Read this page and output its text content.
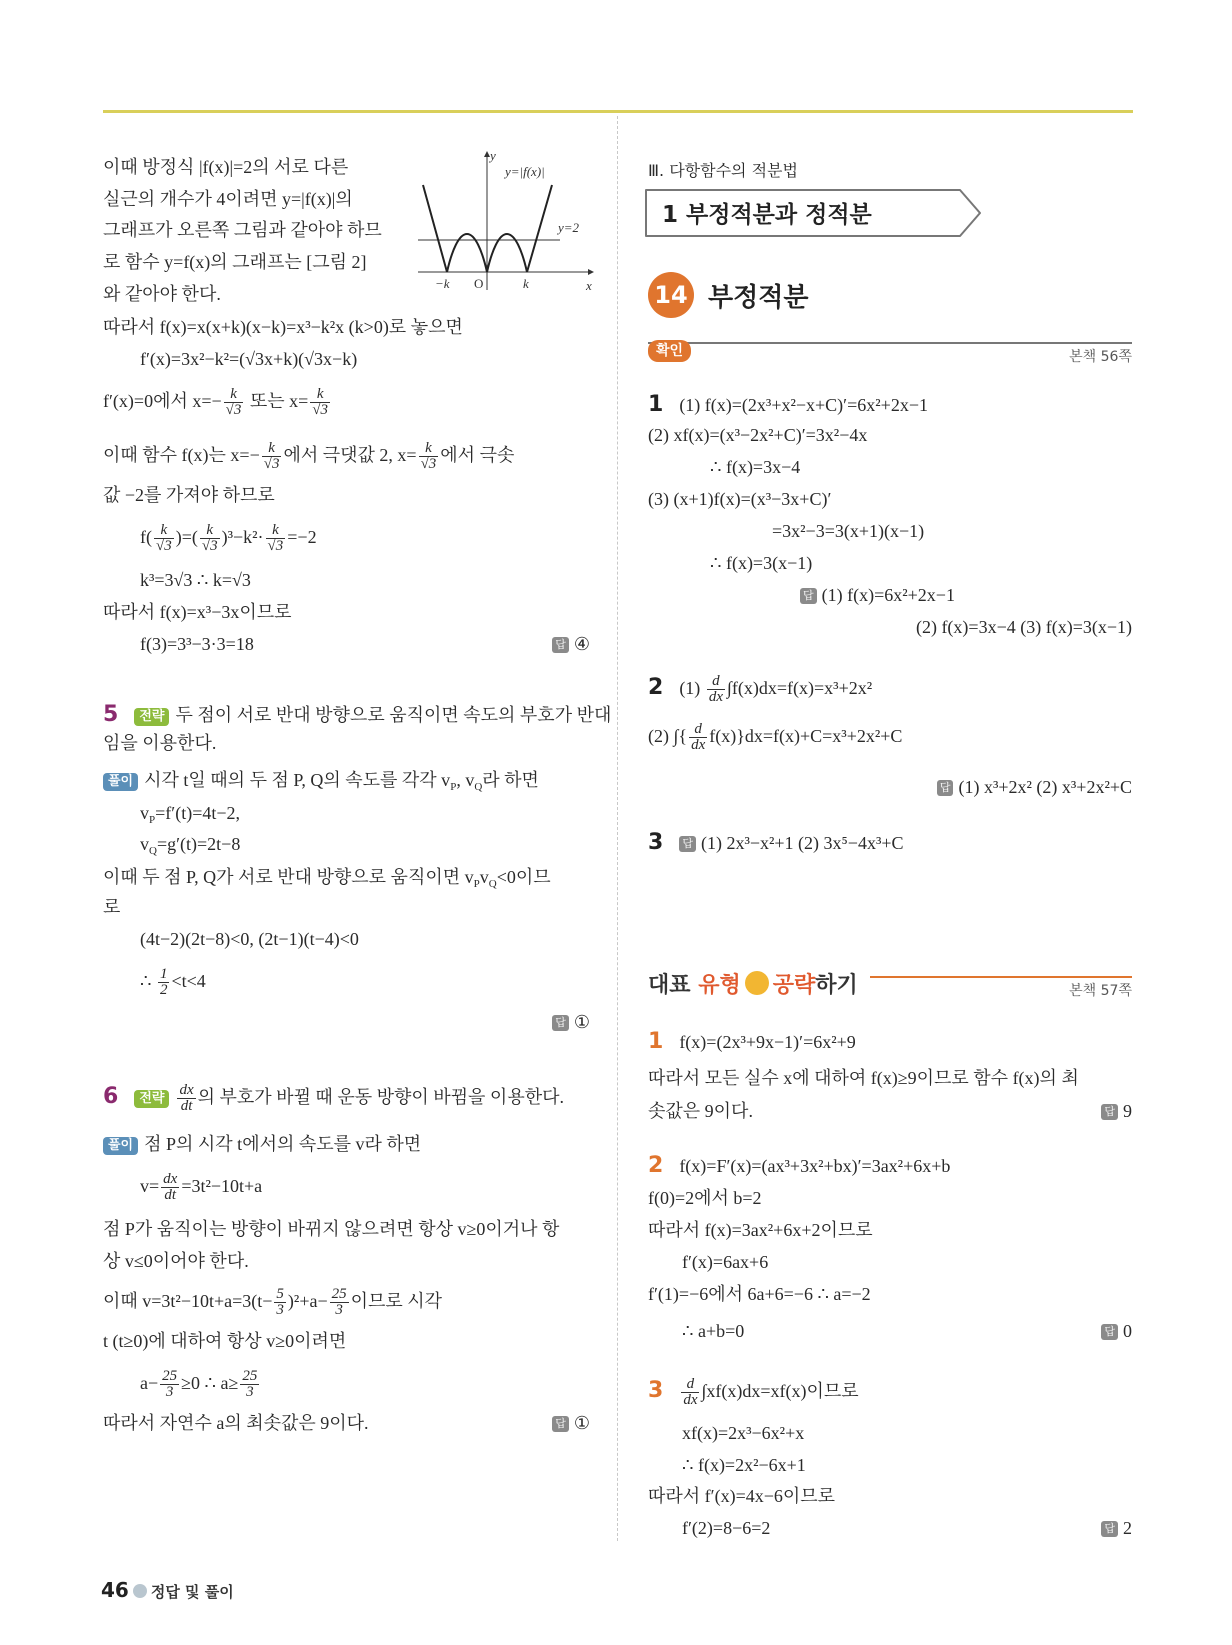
y
x
y=|f(x)|
y=2
−k O	k
Ⅲ. 다항함수의 적분법
1 부정적분과 정적분
14 부정적분
확인	본책 56쪽
대표 유형 공략하기	본책 57쪽
이때 방정식 |f(x)|=2의 서로 다른
실근의 개수가 4이려면 y=|f(x)|의
그래프가 오른쪽 그림과 같아야 하므
로 함수 y=f(x)의 그래프는 [그림 2]
와 같아야 한다.
따라서 f(x)=x(x+k)(x−k)=x³−k²x (k>0)로 놓으면
f′(x)=3x²−k²=(√3x+k)(√3x−k)
f′(x)=0에서 $x=- \frac{k}{√3}$ 또는 $x= \frac{k}{√3}$
이때 함수 f(x)는 $x=- \frac{k}{√3}$ 에서 극댓값 2, $x= \frac{k}{√3}$ 에서 극솟
값 −2를 가져야 하므로
$f( \frac{k}{√3}$ )=( $\frac{k}{√3} )^3-k^2\cdot \frac{k}{√3} =-2$
k³=3√3 ∴ k=√3
따라서 f(x)=x³−3x이므로
f(3)=3³−3·3=18	답 ④
5 전략 두 점이 서로 반대 방향으로 움직이면 속도의 부호가 반대
임을 이용한다.
풀이 시각 t일 때의 두 점 P, Q의 속도를 각각 $v_P$, $v_Q$라 하면
$v_P=f'(t)=4t-2$,
$v_Q=g'(t)=2t-8$
이때 두 점 P, Q가 서로 반대 방향으로 움직이면 $v_Pv_Q<0$이므
로
(4t−2)(2t−8)<0, (2t−1)(t−4)<0
∴ $\frac{1}{2} <t<4$
답 ①
6 전략 $\frac{dx}{dt}$ 의 부호가 바뀔 때 운동 방향이 바뀜을 이용한다.
풀이 점 P의 시각 t에서의 속도를 v라 하면
$v= \frac{dx}{dt} =3t^2-10t+a$
점 P가 움직이는 방향이 바뀌지 않으려면 항상 v≥0이거나 항
상 v≤0이어야 한다.
이때 $v=3t^2-10t+a=3(t- \frac{5}{3} )^2+a- \frac{25}{3}$ 이므로 시각
t (t≥0)에 대하여 항상 v≥0이려면
$a- \frac{25}{3} \ge 0$ ∴ $a\ge \frac{25}{3}$
따라서 자연수 a의 최솟값은 9이다.	답 ①
1 (1) f(x)=(2x³+x²−x+C)′=6x²+2x−1
(2) xf(x)=(x³−2x²+C)′=3x²−4x
∴ f(x)=3x−4
(3) (x+1)f(x)=(x³−3x+C)′
=3x²−3=3(x+1)(x−1)
∴ f(x)=3(x−1)
답 (1) f(x)=6x²+2x−1
(2) f(x)=3x−4 (3) f(x)=3(x−1)
2 $(1) \frac{d}{dx} \int f(x)dx=f(x)=x^3+2x^2$
(2) ∫{ $\frac{d}{dx} f(x)\}dx=f(x)+C=x^3+2x^2+C$
답 (1) x³+2x² (2) x³+2x²+C
3 답 (1) 2x³−x²+1 (2) 3x⁵−4x³+C
1 f(x)=(2x³+9x−1)′=6x²+9
따라서 모든 실수 x에 대하여 f(x)≥9이므로 함수 f(x)의 최
솟값은 9이다.	답 9
2 f(x)=F′(x)=(ax³+3x²+bx)′=3ax²+6x+b
f(0)=2에서 b=2
따라서 f(x)=3ax²+6x+2이므로
f′(x)=6ax+6
f′(1)=−6에서 6a+6=−6 ∴ a=−2
∴ a+b=0	답 0
$3 \frac{d}{dx} \int xf(x)dx=xf(x)$이므로
xf(x)=2x³−6x²+x
∴ f(x)=2x²−6x+1
따라서 f′(x)=4x−6이므로
f′(2)=8−6=2	답 2
46 정답 및 풀이
